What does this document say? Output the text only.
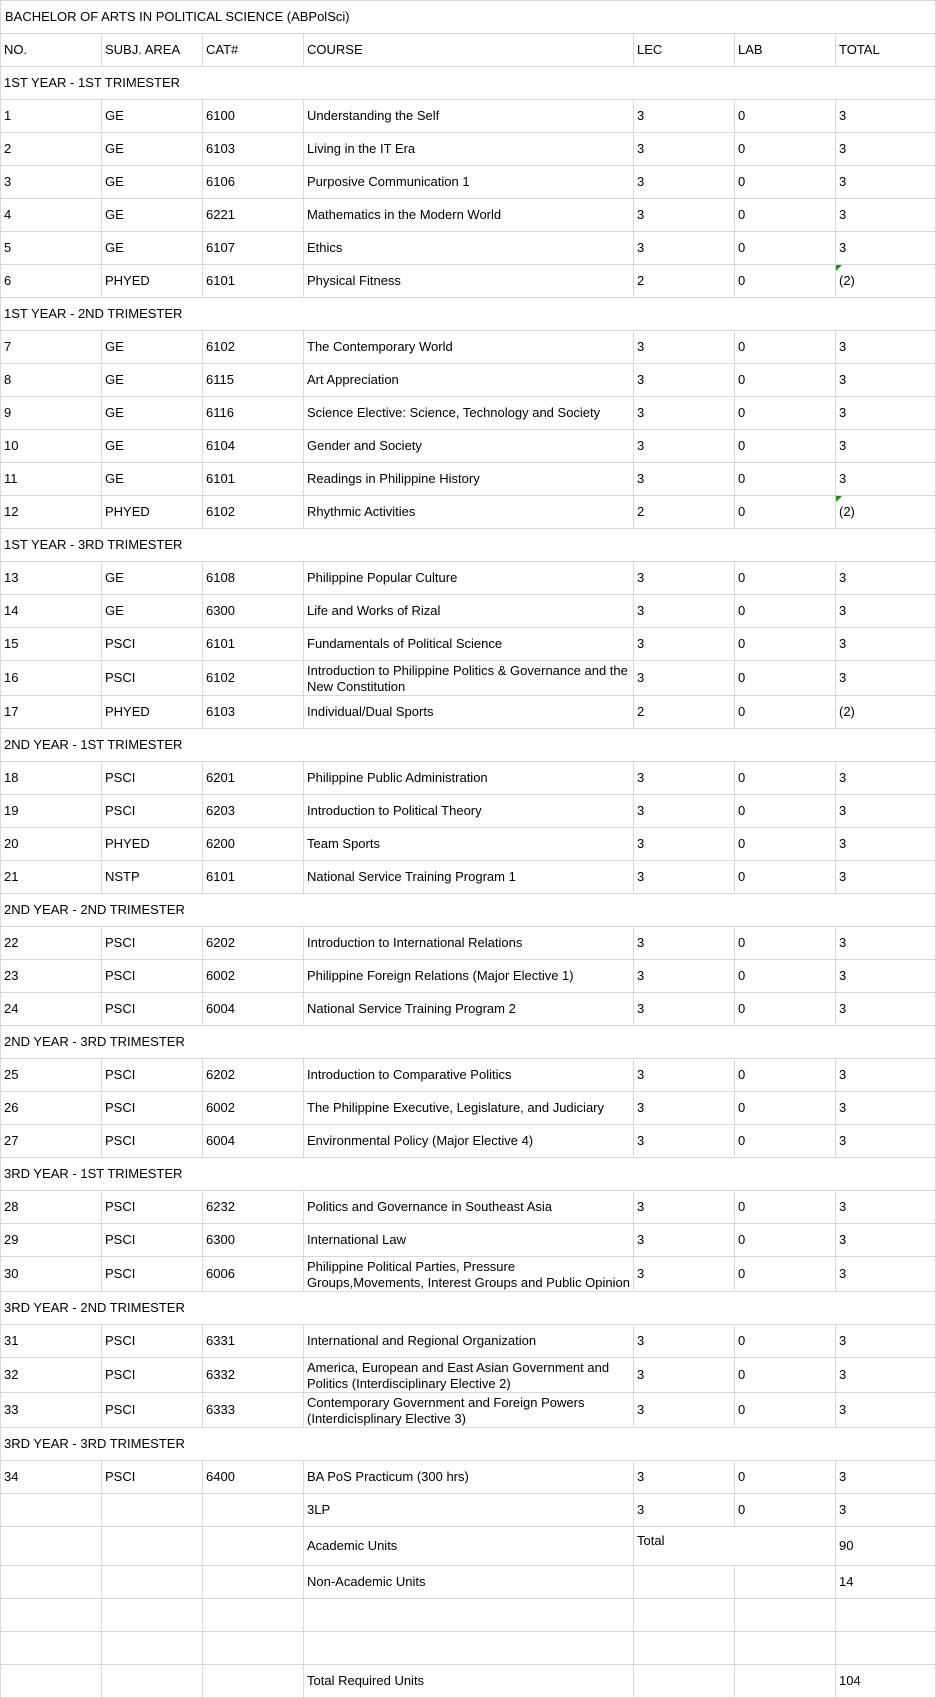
BACHELOR OF ARTS IN POLITICAL SCIENCE (ABPolSci)						
NO.	SUBJ. AREA	CAT#	COURSE	LEC	LAB	TOTAL
1ST YEAR - 1ST TRIMESTER						
1	GE	6100	Understanding the Self	3	0	3
2	GE	6103	Living in the IT Era	3	0	3
3	GE	6106	Purposive Communication 1	3	0	3
4	GE	6221	Mathematics in the Modern World	3	0	3
5	GE	6107	Ethics	3	0	3
6	PHYED	6101	Physical Fitness	2	0	(2)
1ST YEAR - 2ND TRIMESTER						
7	GE	6102	The Contemporary World	3	0	3
8	GE	6115	Art Appreciation	3	0	3
9	GE	6116	Science Elective: Science, Technology and Society	3	0	3
10	GE	6104	Gender and Society	3	0	3
11	GE	6101	Readings in Philippine History	3	0	3
12	PHYED	6102	Rhythmic Activities	2	0	(2)
1ST YEAR - 3RD TRIMESTER						
13	GE	6108	Philippine Popular Culture	3	0	3
14	GE	6300	Life and Works of Rizal	3	0	3
15	PSCI	6101	Fundamentals of Political Science	3	0	3
16	PSCI	6102	Introduction to Philippine Politics & Governance and the New Constitution	3	0	3
17	PHYED	6103	Individual/Dual Sports	2	0	(2)
2ND YEAR - 1ST TRIMESTER						
18	PSCI	6201	Philippine Public Administration	3	0	3
19	PSCI	6203	Introduction to Political Theory	3	0	3
20	PHYED	6200	Team Sports	3	0	3
21	NSTP	6101	National Service Training Program 1	3	0	3
2ND YEAR - 2ND TRIMESTER						
22	PSCI	6202	Introduction to International Relations	3	0	3
23	PSCI	6002	Philippine Foreign Relations (Major Elective 1)	3	0	3
24	PSCI	6004	National Service Training Program 2	3	0	3
2ND YEAR - 3RD TRIMESTER						
25	PSCI	6202	Introduction to Comparative Politics	3	0	3
26	PSCI	6002	The Philippine Executive, Legislature, and Judiciary	3	0	3
27	PSCI	6004	Environmental Policy (Major Elective 4)	3	0	3
3RD YEAR - 1ST TRIMESTER						
28	PSCI	6232	Politics and Governance in Southeast Asia	3	0	3
29	PSCI	6300	International Law	3	0	3
30	PSCI	6006	Philippine Political Parties, Pressure Groups,Movements, Interest Groups and Public Opinion	3	0	3
3RD YEAR - 2ND TRIMESTER						
31	PSCI	6331	International and Regional Organization	3	0	3
32	PSCI	6332	America, European and East Asian Government and Politics (Interdisciplinary Elective 2)	3	0	3
33	PSCI	6333	Contemporary Government and Foreign Powers (Interdicisplinary Elective 3)	3	0	3
3RD YEAR - 3RD TRIMESTER						
34	PSCI	6400	BA PoS Practicum (300 hrs)	3	0	3
			3LP	3	0	3
			Academic Units	Total		90
			Non-Academic Units			14

			Total Required Units			104
